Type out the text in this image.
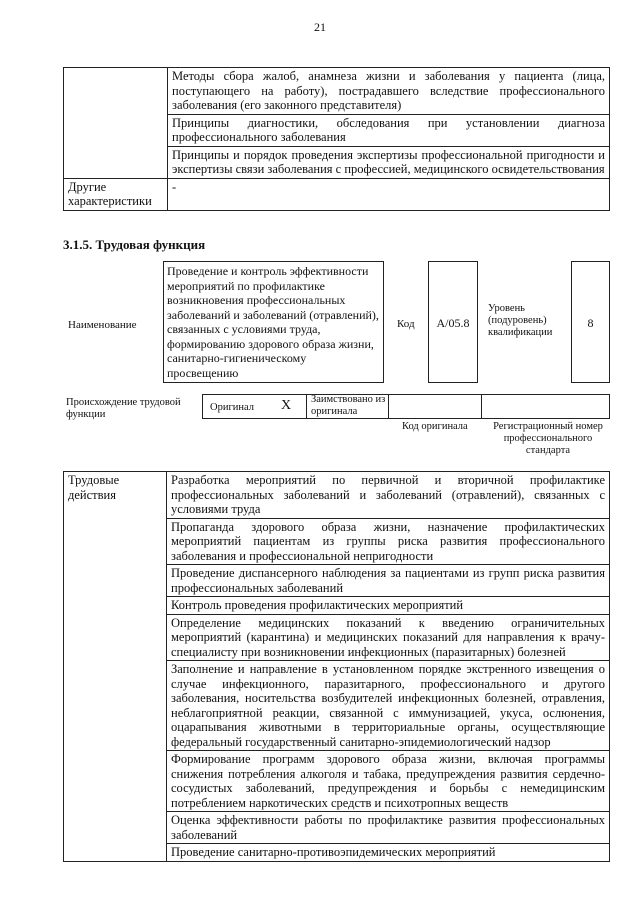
21
	Методы сбора жалоб, анамнеза жизни и заболевания у пациента (лица, поступающего на работу), пострадавшего вследствие профессионального заболевания (его законного представителя)
	Принципы диагностики, обследования при установлении диагноза профессионального заболевания
	Принципы и порядок проведения экспертизы профессиональной пригодности и экспертизы связи заболевания с профессией, медицинского освидетельствования
Другие характеристики	-
3.1.5. Трудовая функция
Наименование
Проведение и контроль эффективности мероприятий по профилактике возникновения профессиональных заболеваний и заболеваний (отравлений), связанных с условиями труда, формированию здорового образа жизни, санитарно-гигиеническому просвещению
Код	A/05.8
Уровень (подуровень) квалификации
8
Происхождение трудовой функции
Оригинал X Заимствовано из оригинала
Код оригинала	Регистрационный номер профессионального стандарта
Трудовые действия	Разработка мероприятий по первичной и вторичной профилактике профессиональных заболеваний и заболеваний (отравлений), связанных с условиями труда
Пропаганда здорового образа жизни, назначение профилактических мероприятий пациентам из группы риска развития профессионального заболевания и профессиональной непригодности
Проведение диспансерного наблюдения за пациентами из групп риска развития профессиональных заболеваний
Контроль проведения профилактических мероприятий
Определение медицинских показаний к введению ограничительных мероприятий (карантина) и медицинских показаний для направления к врачу-специалисту при возникновении инфекционных (паразитарных) болезней
Заполнение и направление в установленном порядке экстренного извещения о случае инфекционного, паразитарного, профессионального и другого заболевания, носительства возбудителей инфекционных болезней, отравления, неблагоприятной реакции, связанной с иммунизацией, укуса, ослюнения, оцарапывания животными в территориальные органы, осуществляющие федеральный государственный санитарно-эпидемиологический надзор
Формирование программ здорового образа жизни, включая программы снижения потребления алкоголя и табака, предупреждения развития сердечно-сосудистых заболеваний, предупреждения и борьбы с немедицинским потреблением наркотических средств и психотропных веществ
Оценка эффективности работы по профилактике развития профессиональных заболеваний
Проведение санитарно-противоэпидемических мероприятий
